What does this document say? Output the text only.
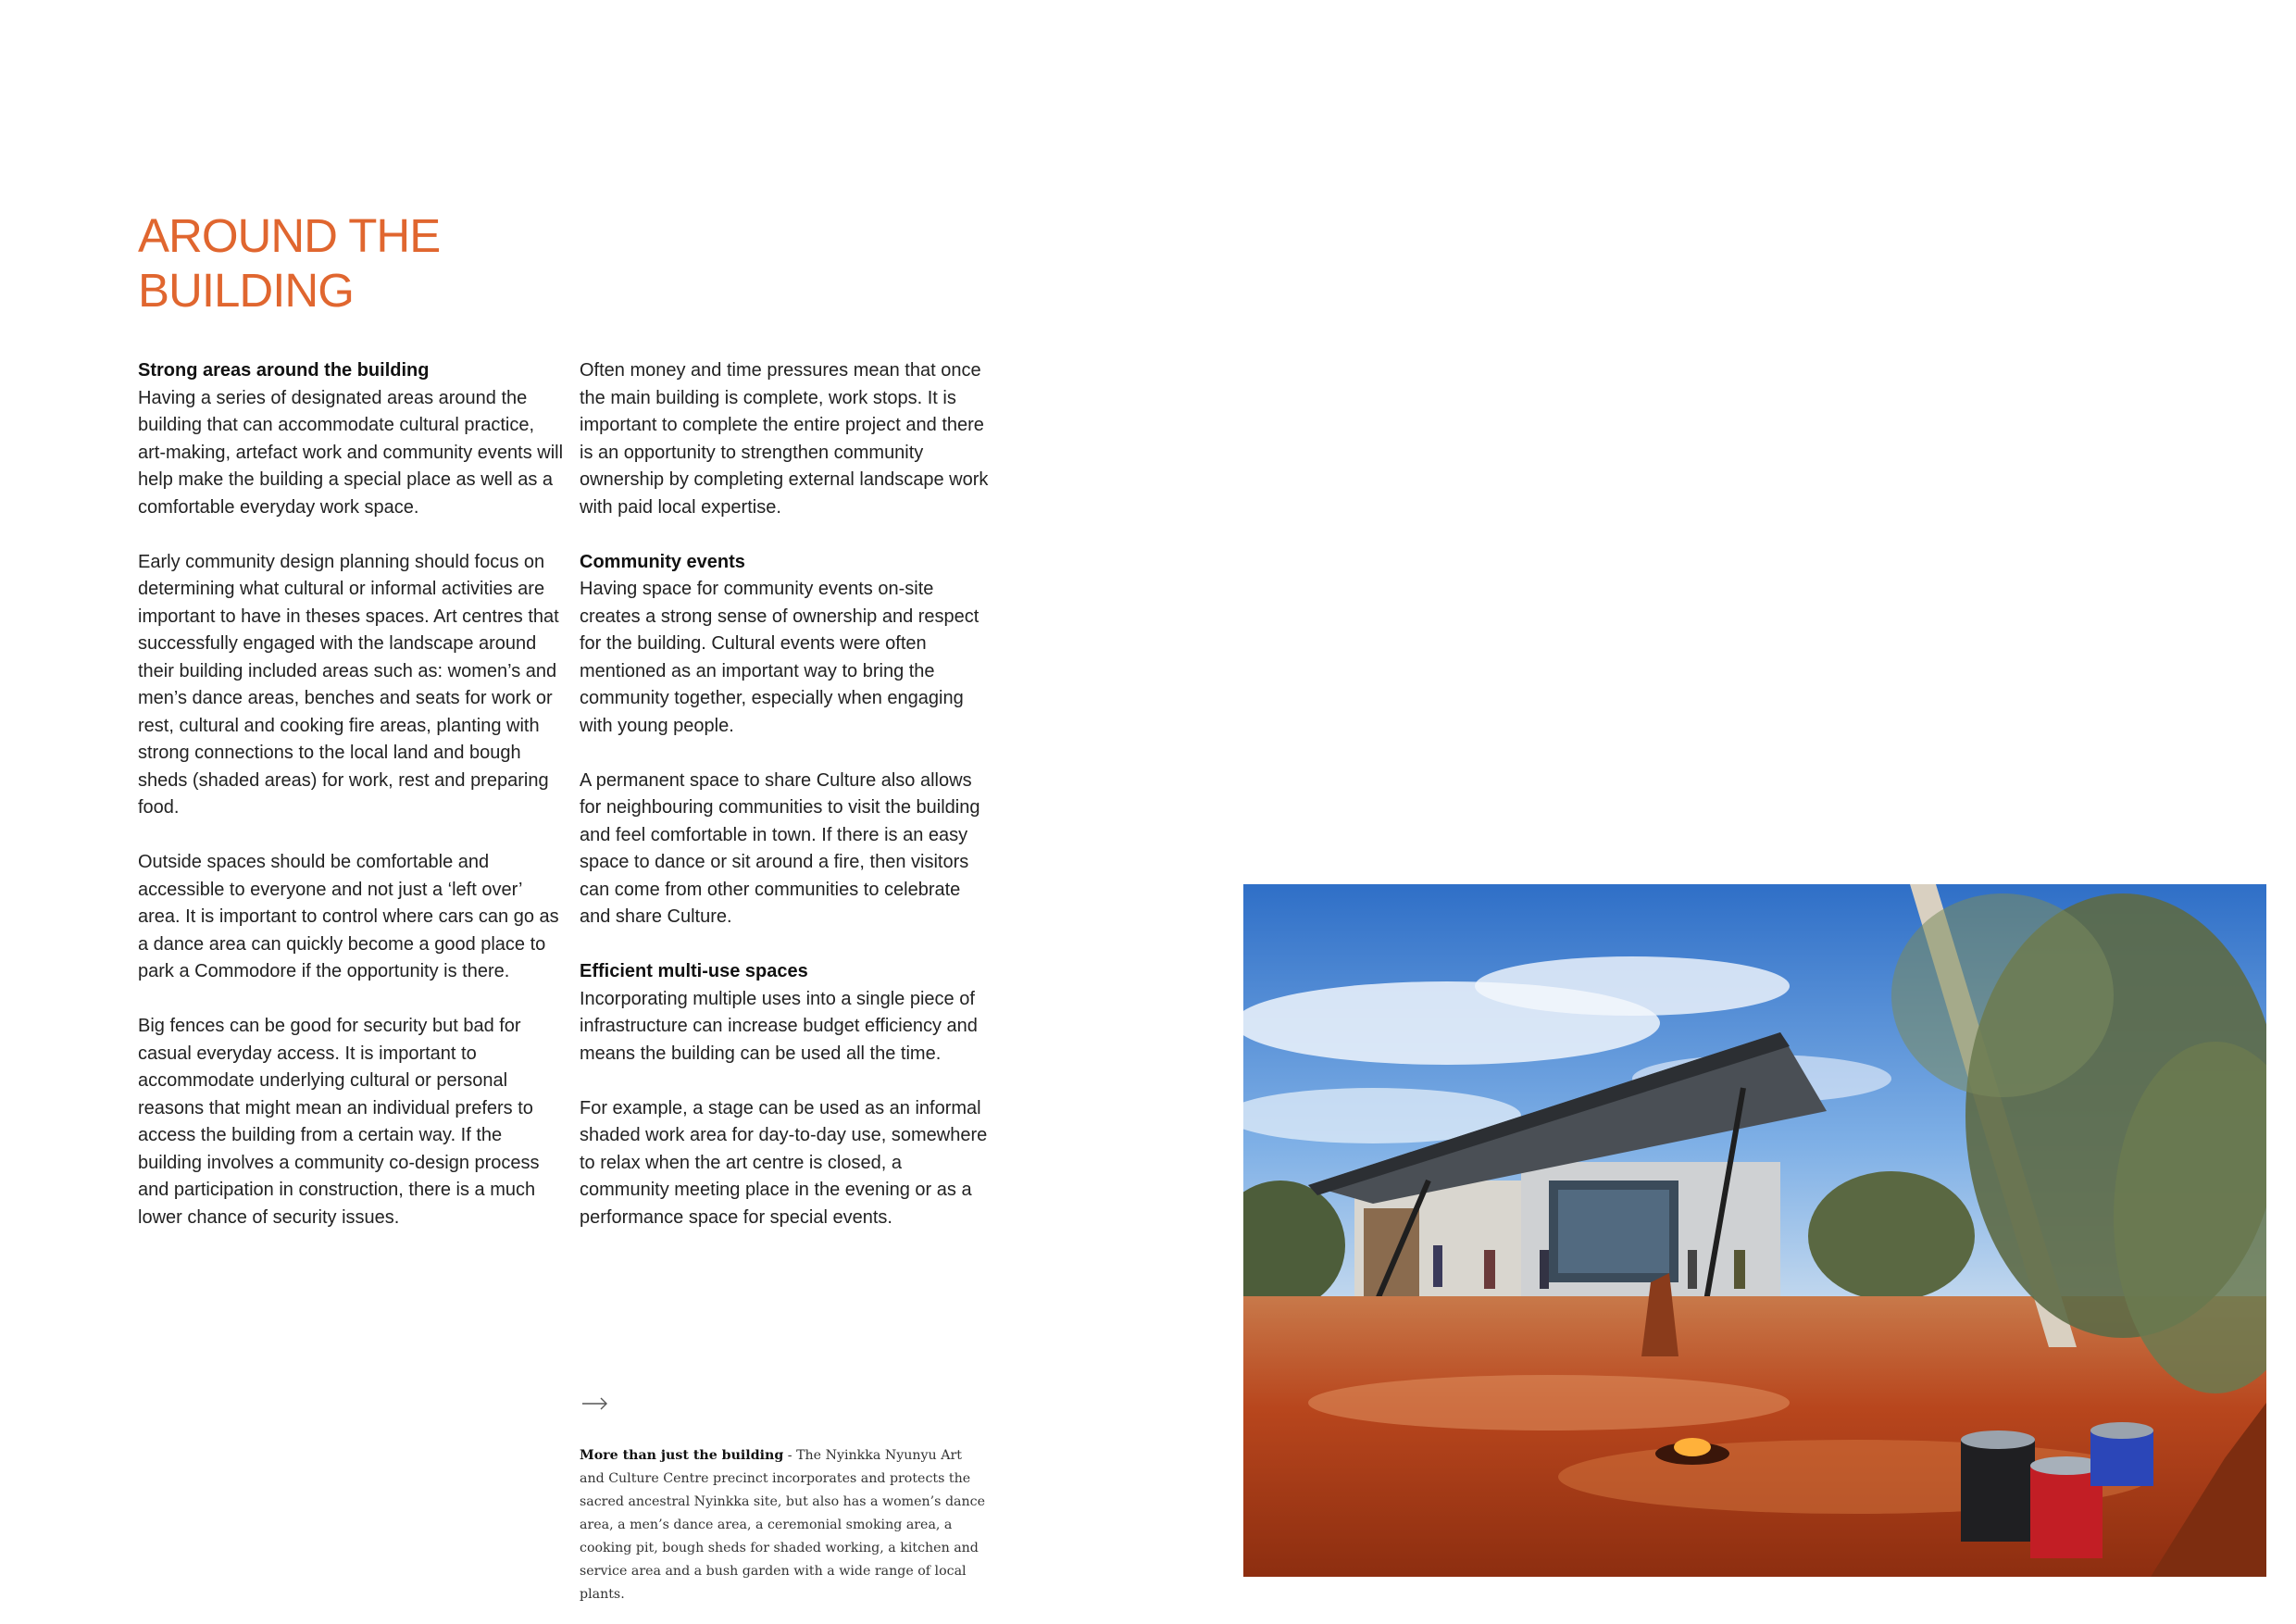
AROUND THE
BUILDING
Strong areas around the building

Having a series of designated areas around the building that can accommodate cultural practice, art-making, artefact work and community events will help make the building a special place as well as a comfortable everyday work space.

Early community design planning should focus on determining what cultural or informal activities are important to have in theses spaces. Art centres that successfully engaged with the landscape around their building included areas such as: women’s and men’s dance areas, benches and seats for work or rest, cultural and cooking fire areas, planting with strong connections to the local land and bough sheds (shaded areas) for work, rest and preparing food.

Outside spaces should be comfortable and accessible to everyone and not just a ‘left over’ area. It is important to control where cars can go as a dance area can quickly become a good place to park a Commodore if the opportunity is there.

Big fences can be good for security but bad for casual everyday access. It is important to accommodate underlying cultural or personal reasons that might mean an individual prefers to access the building from a certain way. If the building involves a community co-design process and participation in construction, there is a much lower chance of security issues.

Often money and time pressures mean that once the main building is complete, work stops. It is important to complete the entire project and there is an opportunity to strengthen community ownership by completing external landscape work with paid local expertise.

Community events

Having space for community events on-site creates a strong sense of ownership and respect for the building. Cultural events were often mentioned as an important way to bring the community together, especially when engaging with young people.

A permanent space to share Culture also allows for neighbouring communities to visit the building and feel comfortable in town. If there is an easy space to dance or sit around a fire, then visitors can come from other communities to celebrate and share Culture.

Efficient multi-use spaces

Incorporating multiple uses into a single piece of infrastructure can increase budget efficiency and means the building can be used all the time.

For example, a stage can be used as an informal shaded work area for day-to-day use, somewhere to relax when the art centre is closed, a community meeting place in the evening or as a performance space for special events.

More than just the building - The Nyinkka Nyunyu Art and Culture Centre precinct incorporates and protects the sacred ancestral Nyinkka site, but also has a women’s dance area, a men’s dance area, a ceremonial smoking area, a cooking pit, bough sheds for shaded working, a kitchen and service area and a bush garden with a wide range of local plants.
